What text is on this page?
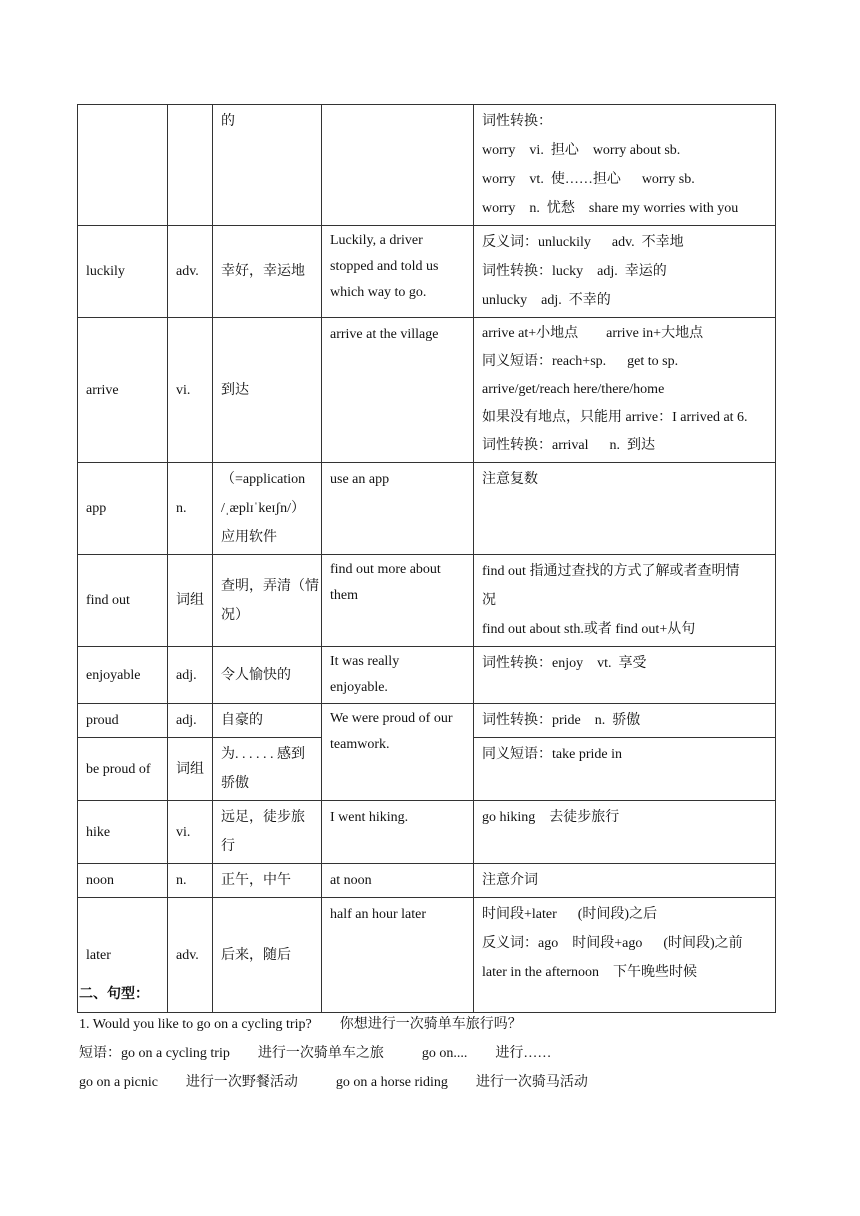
		的		词性转换：
worry    vi.  担心    worry about sb.
worry    vt.  使……担心      worry sb.
worry    n.  忧愁    share my worries with you

luckily	adv.	幸好，幸运地	Luckily, a driver
stopped and told us
which way to go.	反义词：unluckily      adv.  不幸地
词性转换：lucky    adj.  幸运的
unlucky    adj.  不幸的

arrive	vi.	到达	arrive at the village	arrive at+小地点        arrive in+大地点
同义短语：reach+sp.      get to sp.
arrive/get/reach here/there/home
如果没有地点，只能用 arrive：I arrived at 6.
词性转换：arrival      n.  到达

app	n.	（=application
/ˌæplɪˈkeɪʃn/）
应用软件	use an app	注意复数

find out	词组	查明，弄清（情
况）	find out more about
them	find out 指通过查找的方式了解或者查明情
况
find out about sth.或者 find out+从句

enjoyable	adj.	令人愉快的	It was really
enjoyable.	词性转换：enjoy    vt.  享受

proud	adj.	自豪的	We were proud of our
teamwork.	词性转换：pride    n.  骄傲

be proud of	词组	为. . . . . . 感到
骄傲		同义短语：take pride in

hike	vi.	远足，徒步旅
行	I went hiking.	go hiking    去徒步旅行

noon	n.	正午，中午	at noon	注意介词

later	adv.	后来，随后	half an hour later	时间段+later      (时间段)之后
反义词：ago    时间段+ago      (时间段)之前
later in the afternoon    下午晚些时候
二、句型：
1. Would you like to go on a cycling trip? 你想进行一次骑单车旅行吗？
短语：go on a cycling trip 进行一次骑单车之旅	go on.... 进行……
go on a picnic 进行一次野餐活动	go on a horse riding 进行一次骑马活动
